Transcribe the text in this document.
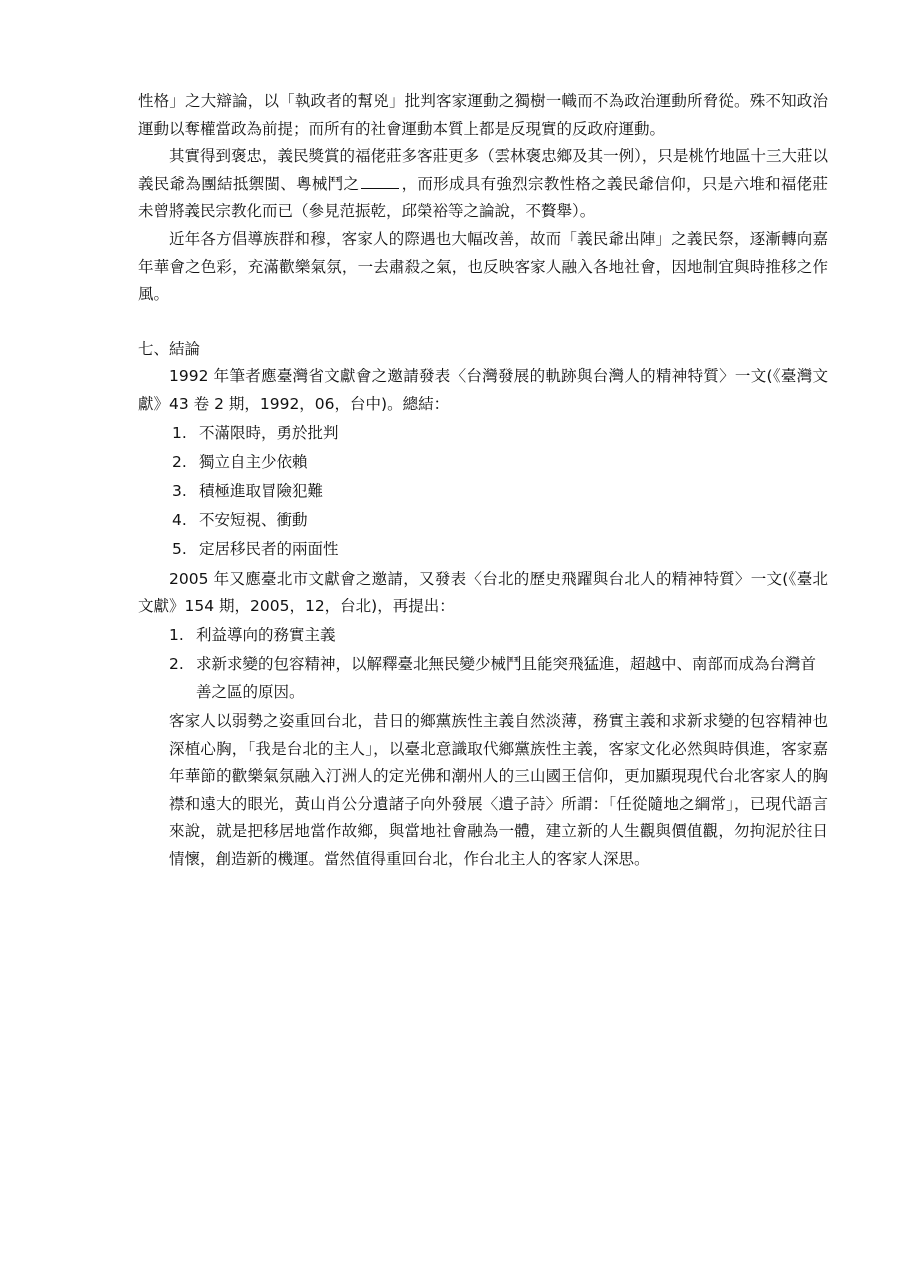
性格」之大辯論，以「執政者的幫兇」批判客家運動之獨樹一幟而不為政治運動所脅從。殊不知政治運動以奪權當政為前提；而所有的社會運動本質上都是反現實的反政府運動。

其實得到褒忠，義民獎賞的福佬莊多客莊更多（雲林褒忠鄉及其一例），只是桃竹地區十三大莊以義民爺為團結抵禦閩、粵械鬥之	，而形成具有強烈宗教性格之義民爺信仰，只是六堆和福佬莊未曾將義民宗教化而已（參見范振乾，邱榮裕等之論說，不贅舉）。

近年各方倡導族群和穆，客家人的際遇也大幅改善，故而「義民爺出陣」之義民祭，逐漸轉向嘉年華會之色彩，充滿歡樂氣氛，一去肅殺之氣，也反映客家人融入各地社會，因地制宜與時推移之作風。

七、結論

1992 年筆者應臺灣省文獻會之邀請發表〈台灣發展的軌跡與台灣人的精神特質〉一文(《臺灣文獻》43 卷 2 期，1992，06，台中)。總結：

1. 不滿限時，勇於批判
2. 獨立自主少依賴
3. 積極進取冒險犯難
4. 不安短視、衝動
5. 定居移民者的兩面性

2005 年又應臺北市文獻會之邀請，又發表〈台北的歷史飛躍與台北人的精神特質〉一文(《臺北文獻》154 期，2005，12，台北)，再提出：

1. 利益導向的務實主義
2. 求新求變的包容精神，以解釋臺北無民變少械鬥且能突飛猛進，超越中、南部而成為台灣首善之區的原因。

客家人以弱勢之姿重回台北，昔日的鄉黨族性主義自然淡薄，務實主義和求新求變的包容精神也深植心胸，「我是台北的主人」，以臺北意識取代鄉黨族性主義，客家文化必然與時俱進，客家嘉年華節的歡樂氣氛融入汀洲人的定光佛和潮州人的三山國王信仰，更加顯現現代台北客家人的胸襟和遠大的眼光，黃山肖公分遺諸子向外發展〈遺子詩〉所謂：「任從隨地之綱常」，已現代語言來說，就是把移居地當作故鄉，與當地社會融為一體，建立新的人生觀與價值觀，勿拘泥於往日情懷，創造新的機運。當然值得重回台北，作台北主人的客家人深思。
